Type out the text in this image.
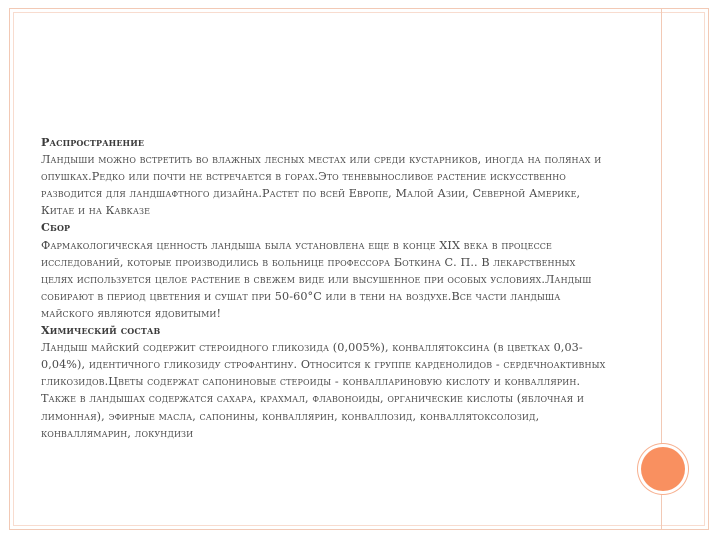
Распространение

Ландыши можно встретить во влажных лесных местах или среди кустарников, иногда на полянах и опушках.Редко или почти не встречается в горах.Это теневыносливое растение искусственно разводится для ландшафтного дизайна.Растет по всей Европе, Малой Азии, Северной Америке, Китае и на Кавказе

Сбор

Фармакологическая ценность ландыша была установлена еще в конце XIX века в процессе исследований, которые производились в больнице профессора Боткина С. П.. В лекарственных целях используется целое растение в свежем виде или высушенное при особых условиях.Ландыш собирают в период цветения и сушат при 50-60°C или в тени на воздухе.Все части ландыша майского являются ядовитыми!

Химический состав

Ландыш майский содержит стероидного гликозида (0,005%), конваллятоксина (в цветках 0,03-0,04%), идентичного гликозиду строфантину. Относится к группе карденолидов - сердечноактивных гликозидов.Цветы содержат сапониновые стероиды - конваллариновую кислоту и конваллярин.

Также в ландышах содержатся сахара, крахмал, флавоноиды, органические кислоты (яблочная и лимонная), эфирные масла, сапонины, конваллярин, конваллозид, конваллятоксолозид, конваллямарин, локундизи
